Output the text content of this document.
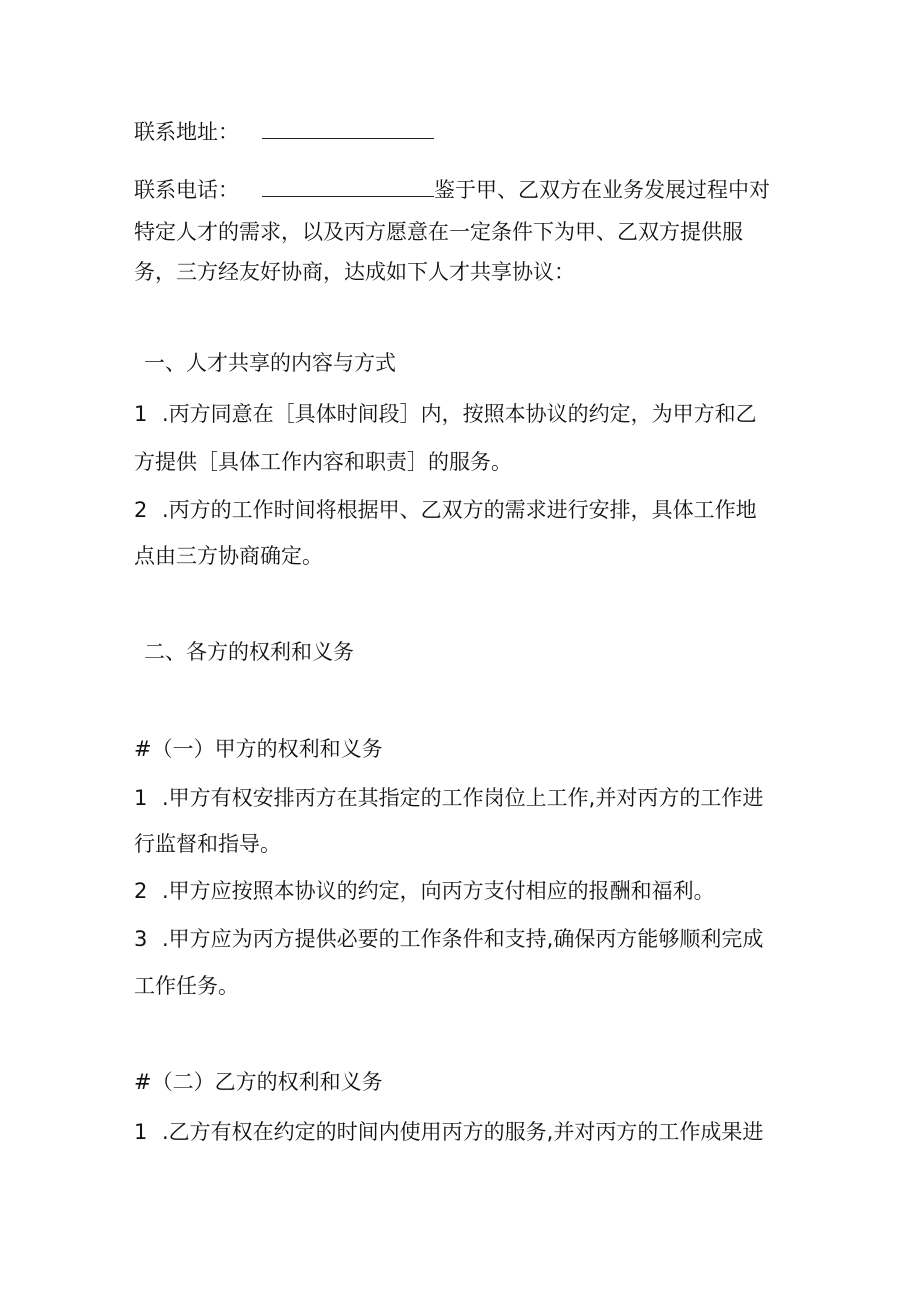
联系地址：

联系电话：	鉴于甲、乙双方在业务发展过程中对

特定人才的需求，以及丙方愿意在一定条件下为甲、乙双方提供服

务，三方经友好协商，达成如下人才共享协议：

一、人才共享的内容与方式

1 .丙方同意在［具体时间段］内，按照本协议的约定，为甲方和乙

方提供［具体工作内容和职责］的服务。

2 .丙方的工作时间将根据甲、乙双方的需求进行安排，具体工作地

点由三方协商确定。

二、各方的权利和义务

#（一）甲方的权利和义务

1 .甲方有权安排丙方在其指定的工作岗位上工作,并对丙方的工作进

行监督和指导。

2 .甲方应按照本协议的约定，向丙方支付相应的报酬和福利。

3 .甲方应为丙方提供必要的工作条件和支持,确保丙方能够顺利完成

工作任务。

#（二）乙方的权利和义务

1 .乙方有权在约定的时间内使用丙方的服务,并对丙方的工作成果进
